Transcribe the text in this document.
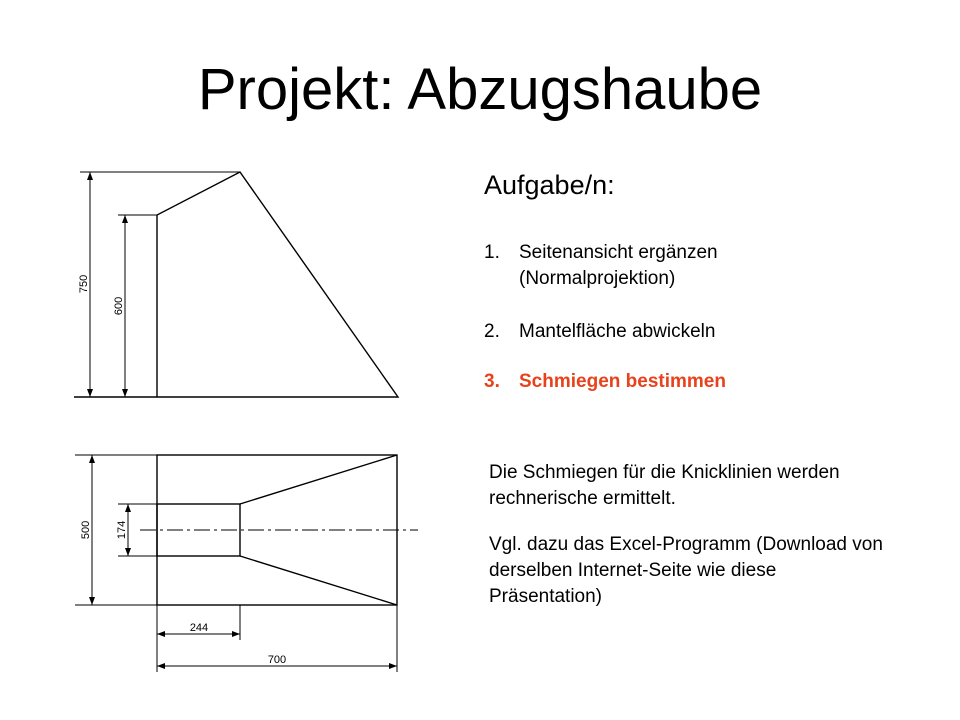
Projekt: Abzugshaube
750
600
500 174
244
700
Aufgabe/n:
1. Seitenansicht ergänzen
(Normalprojektion)
2. Mantelfläche abwickeln
3. Schmiegen bestimmen

Die Schmiegen für die Knicklinien werden rechnerische ermittelt.

Vgl. dazu das Excel-Programm (Download von derselben Internet-Seite wie diese Präsentation)
